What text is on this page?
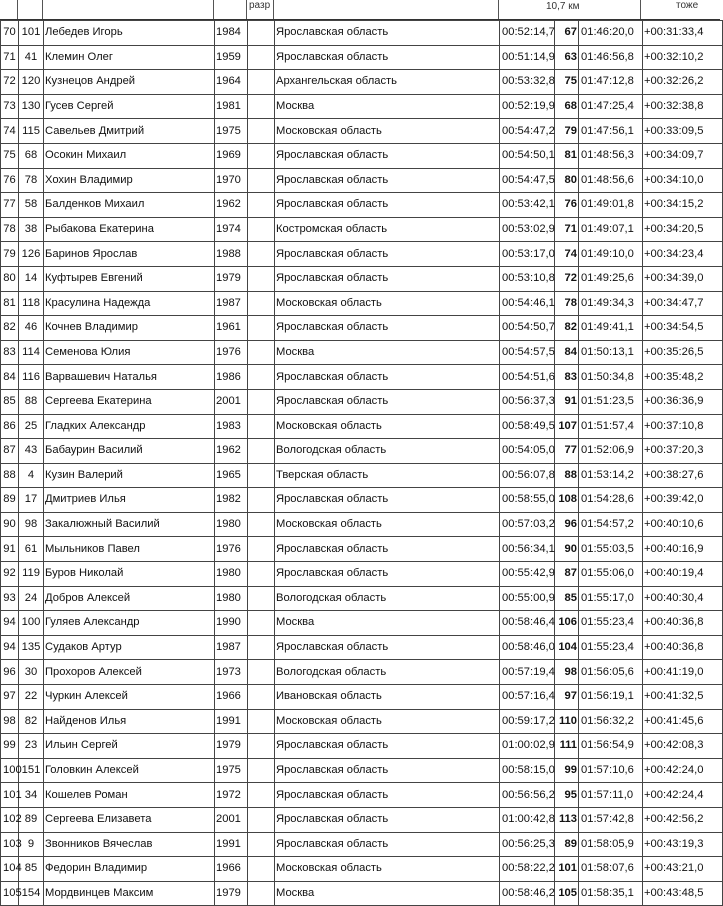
разр	10,7 км	тоже
70	101	Лебедев Игорь	1984		Ярославская область	00:52:14,7	67	01:46:20,0	+00:31:33,4
71	41	Клемин Олег	1959		Ярославская область	00:51:14,9	63	01:46:56,8	+00:32:10,2
72	120	Кузнецов Андрей	1964		Архангельская область	00:53:32,8	75	01:47:12,8	+00:32:26,2
73	130	Гусев Сергей	1981		Москва	00:52:19,9	68	01:47:25,4	+00:32:38,8
74	115	Савельев Дмитрий	1975		Московская область	00:54:47,2	79	01:47:56,1	+00:33:09,5
75	68	Осокин Михаил	1969		Ярославская область	00:54:50,1	81	01:48:56,3	+00:34:09,7
76	78	Хохин Владимир	1970		Ярославская область	00:54:47,5	80	01:48:56,6	+00:34:10,0
77	58	Балденков Михаил	1962		Ярославская область	00:53:42,1	76	01:49:01,8	+00:34:15,2
78	38	Рыбакова Екатерина	1974		Костромская область	00:53:02,9	71	01:49:07,1	+00:34:20,5
79	126	Баринов Ярослав	1988		Ярославская область	00:53:17,0	74	01:49:10,0	+00:34:23,4
80	14	Куфтырев Евгений	1979		Ярославская область	00:53:10,8	72	01:49:25,6	+00:34:39,0
81	118	Красулина Надежда	1987		Московская область	00:54:46,1	78	01:49:34,3	+00:34:47,7
82	46	Кочнев Владимир	1961		Ярославская область	00:54:50,7	82	01:49:41,1	+00:34:54,5
83	114	Семенова Юлия	1976		Москва	00:54:57,5	84	01:50:13,1	+00:35:26,5
84	116	Варвашевич Наталья	1986		Ярославская область	00:54:51,6	83	01:50:34,8	+00:35:48,2
85	88	Сергеева Екатерина	2001		Ярославская область	00:56:37,3	91	01:51:23,5	+00:36:36,9
86	25	Гладких Александр	1983		Московская область	00:58:49,5	107	01:51:57,4	+00:37:10,8
87	43	Бабаурин Василий	1962		Вологодская область	00:54:05,0	77	01:52:06,9	+00:37:20,3
88	4	Кузин Валерий	1965		Тверская область	00:56:07,8	88	01:53:14,2	+00:38:27,6
89	17	Дмитриев Илья	1982		Ярославская область	00:58:55,0	108	01:54:28,6	+00:39:42,0
90	98	Закалюжный Василий	1980		Московская область	00:57:03,2	96	01:54:57,2	+00:40:10,6
91	61	Мыльников Павел	1976		Ярославская область	00:56:34,1	90	01:55:03,5	+00:40:16,9
92	119	Буров Николай	1980		Ярославская область	00:55:42,9	87	01:55:06,0	+00:40:19,4
93	24	Добров Алексей	1980		Вологодская область	00:55:00,9	85	01:55:17,0	+00:40:30,4
94	100	Гуляев Александр	1990		Москва	00:58:46,4	106	01:55:23,4	+00:40:36,8
94	135	Судаков Артур	1987		Ярославская область	00:58:46,0	104	01:55:23,4	+00:40:36,8
96	30	Прохоров Алексей	1973		Вологодская область	00:57:19,4	98	01:56:05,6	+00:41:19,0
97	22	Чуркин Алексей	1966		Ивановская область	00:57:16,4	97	01:56:19,1	+00:41:32,5
98	82	Найденов Илья	1991		Московская область	00:59:17,2	110	01:56:32,2	+00:41:45,6
99	23	Ильин Сергей	1979		Ярославская область	01:00:02,9	111	01:56:54,9	+00:42:08,3
100	151	Головкин Алексей	1975		Ярославская область	00:58:15,0	99	01:57:10,6	+00:42:24,0
101	34	Кошелев Роман	1972		Ярославская область	00:56:56,2	95	01:57:11,0	+00:42:24,4
102	89	Сергеева Елизавета	2001		Ярославская область	01:00:42,8	113	01:57:42,8	+00:42:56,2
103	9	Звонников Вячеслав	1991		Ярославская область	00:56:25,3	89	01:58:05,9	+00:43:19,3
104	85	Федорин Владимир	1966		Московская область	00:58:22,2	101	01:58:07,6	+00:43:21,0
105	154	Мордвинцев Максим	1979		Москва	00:58:46,2	105	01:58:35,1	+00:43:48,5
